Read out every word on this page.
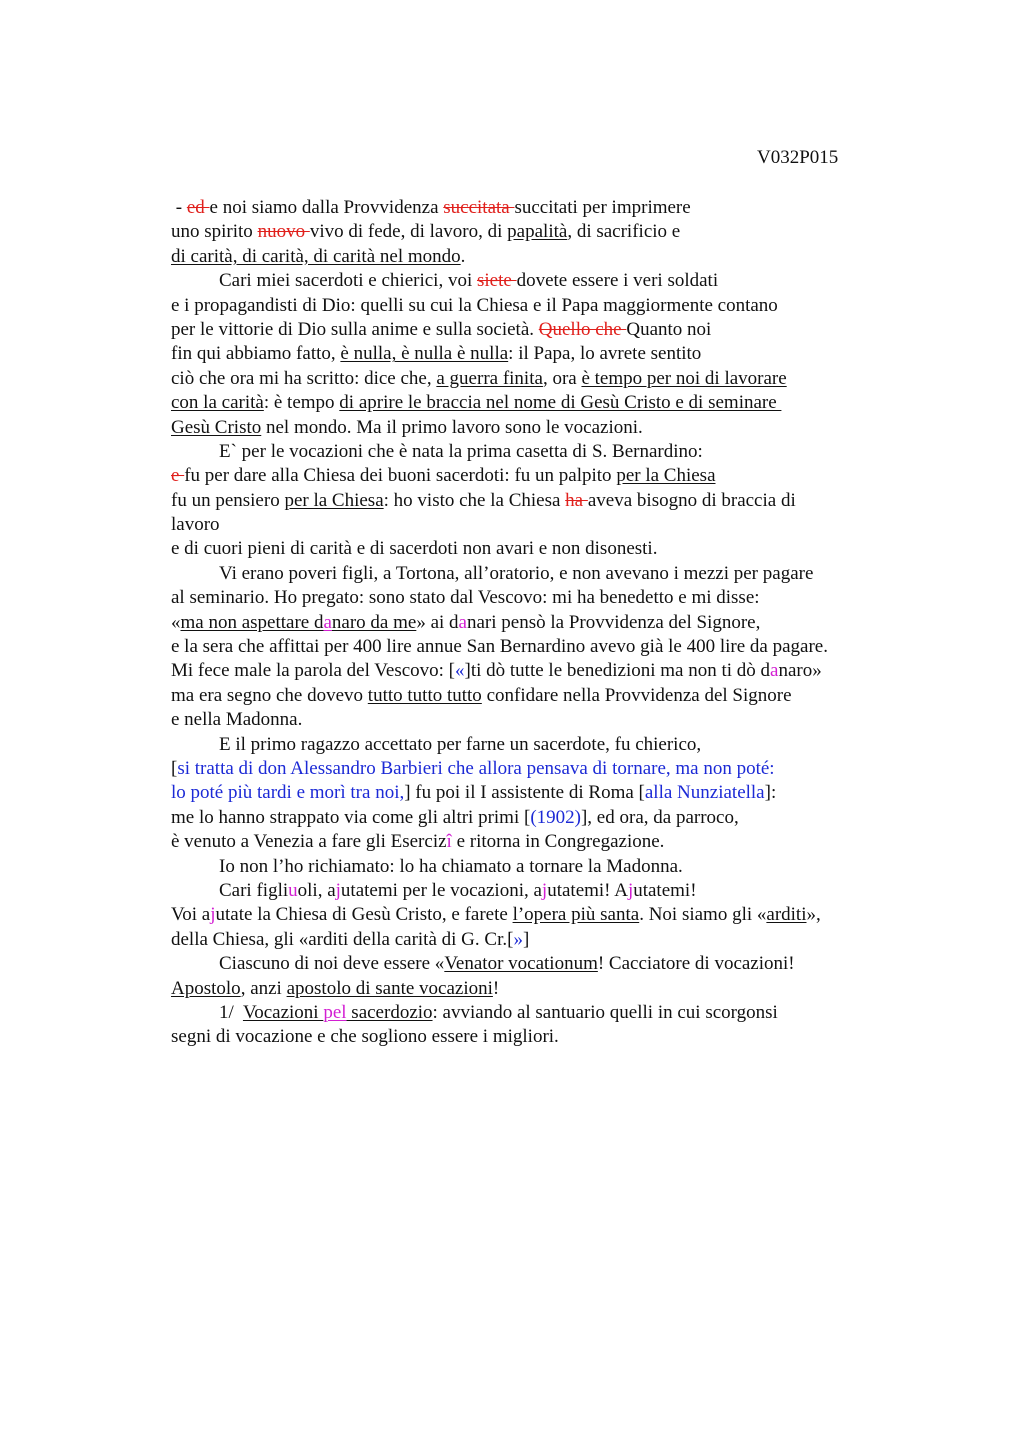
V032P015
- ed e noi siamo dalla Provvidenza succitata succitati per imprimere
uno spirito nuovo vivo di fede, di lavoro, di papalità, di sacrificio e
di carità, di carità, di carità nel mondo.
Cari miei sacerdoti e chierici, voi siete dovete essere i veri soldati
e i propagandisti di Dio: quelli su cui la Chiesa e il Papa maggiormente contano
per le vittorie di Dio sulla anime e sulla società. Quello che Quanto noi
fin qui abbiamo fatto, è nulla, è nulla è nulla: il Papa, lo avrete sentito
ciò che ora mi ha scritto: dice che, a guerra finita, ora è tempo per noi di lavorare
con la carità: è tempo di aprire le braccia nel nome di Gesù Cristo e di seminare
Gesù Cristo nel mondo. Ma il primo lavoro sono le vocazioni.
E` per le vocazioni che è nata la prima casetta di S. Bernardino:
e fu per dare alla Chiesa dei buoni sacerdoti: fu un palpito per la Chiesa
fu un pensiero per la Chiesa: ho visto che la Chiesa ha aveva bisogno di braccia di
lavoro
e di cuori pieni di carità e di sacerdoti non avari e non disonesti.
Vi erano poveri figli, a Tortona, all’oratorio, e non avevano i mezzi per pagare
al seminario. Ho pregato: sono stato dal Vescovo: mi ha benedetto e mi disse:
«ma non aspettare danaro da me» ai danari pensò la Provvidenza del Signore,
e la sera che affittai per 400 lire annue San Bernardino avevo già le 400 lire da pagare.
Mi fece male la parola del Vescovo: [«]ti dò tutte le benedizioni ma non ti dò danaro»
ma era segno che dovevo tutto tutto tutto confidare nella Provvidenza del Signore
e nella Madonna.
E il primo ragazzo accettato per farne un sacerdote, fu chierico,
[si tratta di don Alessandro Barbieri che allora pensava di tornare, ma non poté:
lo poté più tardi e morì tra noi,] fu poi il I assistente di Roma [alla Nunziatella]:
me lo hanno strappato via come gli altri primi [(1902)], ed ora, da parroco,
è venuto a Venezia a fare gli Esercizî e ritorna in Congregazione.
Io non l’ho richiamato: lo ha chiamato a tornare la Madonna.
Cari figliuoli, ajutatemi per le vocazioni, ajutatemi! Ajutatemi!
Voi ajutate la Chiesa di Gesù Cristo, e farete l’opera più santa. Noi siamo gli «arditi»,
della Chiesa, gli «arditi della carità di G. Cr.[»]
Ciascuno di noi deve essere «Venator vocationum! Cacciatore di vocazioni!
Apostolo, anzi apostolo di sante vocazioni!
1/  Vocazioni pel sacerdozio: avviando al santuario quelli in cui scorgonsi
segni di vocazione e che sogliono essere i migliori.
